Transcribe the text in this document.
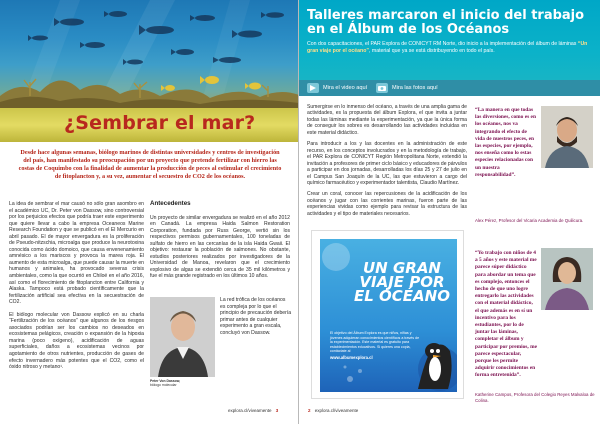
¿Sembrar el mar?

Desde hace algunas semanas, biólogo marinos de distintas universidades y centros de investigación del país, han manifestado su preocupación por un proyecto que pretende fertilizar con hierro las costas de Coquimbo con la finalidad de aumentar la producción de peces al estimular el crecimiento de fitoplancton y, a su vez, aumentar el secuestro de CO2 de los océanos.

La idea de sembrar el mar causó no sólo gran asombro en el académico UC, Dr. Peter von Dassow, sino controversial por los perjuicios efectos que podría traer este experimento que quiere llevar a cabo la empresa Oceaneos Marine Research Foundation y que se publicó en el El Mercurio en abril pasado. El de mayor envergadura es la proliferación de Pseudo-nitzschia, microalga que produce la neurotoxina conocida como ácido domoico, que causa envenenamiento amnésico a los mariscos y provoca la marea roja. El aumento de esta microalga, que puede causar la muerte en humanos y animales, ha provocado severas crisis ambientales, como la que ocurrió en Chiloé en el año 2016, así como el florecimiento de fitoplancton entre California y Alaska. Tampoco está probado científicamente que la fertilización artificial sea efectiva en la secuestración de CO2.

El biólogo molecular von Dassow explicó en su charla “Fertilización de los océanos” que algunos de los riesgos asociados podrían ser los cambios no deseados en ecosistemas pelágicos, creación o expansión de la hipoxia marina (poco oxígeno), acidificación de aguas superficiales, daños a ecosistemas vecinos por agotamiento de otros nutrientes, producción de gases de efecto invernadero más potentes que el CO2, como el óxido nitroso y metano¹.

Antecedentes

Un proyecto de similar envergadura se realizó en el año 2012 en Canadá. La empresa Haida Salmon Restoration Corporation, fundada por Russ George, vertió sin los respectivos permisos gubernamentales, 100 toneladas de sulfato de hierro en las cercanías de la isla Haida Gwaii. El objetivo: restaurar la población de salmones. No obstante, estudios posteriores realizados por investigadores de la Universidad de Manoa, revelaron que el crecimiento explosivo de algas se extendió cerca de 35 mil kilómetros y fue el más grande registrado en los últimos 10 años.

Peter Von Dassow,
biólogo molecular

La red trófica de los océanos es compleja por lo que el principio de precaución debería primar antes de cualquier experimento a gran escala, concluyó von Dassow.

explora.cl/viveamente 3
Talleres marcaron el inicio del trabajo en el Álbum de los Océanos

Con dos capacitaciones, el PAR Explora de CONICYT RM Norte, dio inicio a la implementación del álbum de láminas “Un gran viaje por el océano”, material que ya se está distribuyendo en todo el país.

Mira el video aquí	Mira las fotos aquí

Sumergirse en lo inmenso del océano, a través de una amplia gama de actividades, es la propuesta del álbum Explora, el que invita a juntar todas las láminas mediante la experimentación, ya que la única forma de conseguir los sobres es desarrollando las actividades incluidas en este material didáctico.

Para introducir a los y las docentes en la administración de este recurso, en los conceptos involucrados y en la metodología de trabajo, el PAR Explora de CONICYT Región Metropolitana Norte, extendió la invitación a profesores de primer ciclo básico y educadores de párvulos a participar en dos jornadas, desarrolladas los días 25 y 27 de julio en el Campus San Joaquín de la UC, las que estuvieron a cargo del químico farmacéutico y experimentador talentista, Claudio Martínez.

Crear un coral, conocer las repercusiones de la acidificación de los océanos y jugar con las corrientes marinas, fueron parte de las experiencias vividas como ejemplo para revisar la estructura de las actividades y el tipo de materiales necesarios.

UN GRAN VIAJE POR EL OCÉANO
El objetivo del Álbum Explora es que niños, niñas y jóvenes adquieran conocimientos científicos a través de la experimentación. Este material es gratuito para establecimientos educativos. Si quieres una copia, contáctate al
www.albumexplora.cl

“La manera en que todas las diversiones, como es en los océanos, nos va integrando el efecto de vida de nuestros peces, en las especies, por ejemplo, nos enseña como lo estas especies relacionadas con un nuestra responsabilidad”.

Alex Pérez, Profesor del Vicaria Academia de Quilicura.

“Yo trabajo con niños de 4 a 5 años y este material me parece súper didáctico para abordar un tema que es complejo, entonces el hecho de que uno logre entregarlo las actividades con el material didáctico, el que además es en sí un incentivo para los estudiantes, por lo de juntar las láminas, completar el álbum y participar por premios, me parece espectacular, porque les permite adquirir conocimientos en forma entretenida”.

Katherine Campos, Profesora del Colegio Reyes Malvaloa de Colina.

2 explora.cl/viveamente
